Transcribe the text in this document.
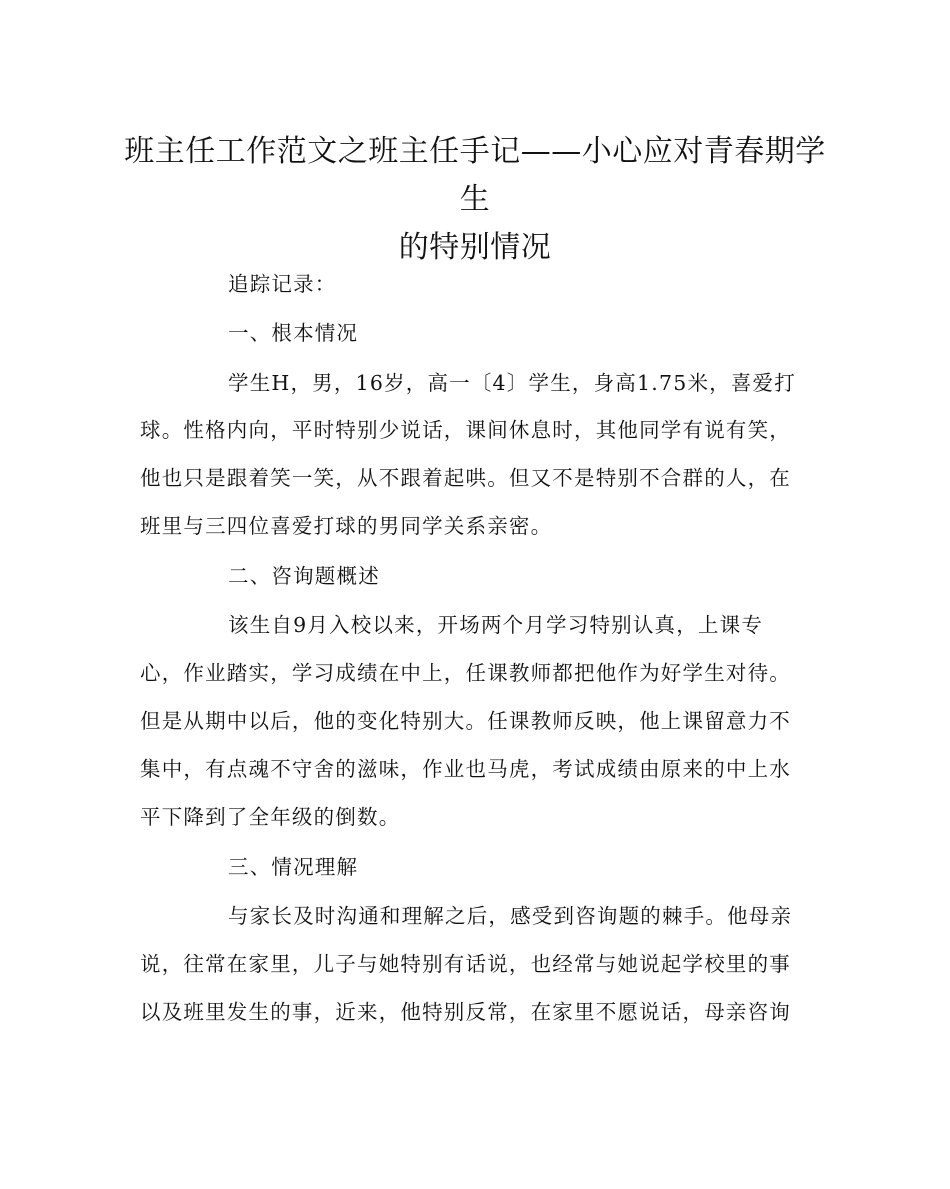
班主任工作范文之班主任手记——小心应对青春期学生
的特别情况
追踪记录：
一、根本情况
学生H，男，16岁，高一〔4〕学生，身高1.75米，喜爱打
球。性格内向，平时特别少说话，课间休息时，其他同学有说有笑，
他也只是跟着笑一笑，从不跟着起哄。但又不是特别不合群的人，在
班里与三四位喜爱打球的男同学关系亲密。
二、咨询题概述
该生自9月入校以来，开场两个月学习特别认真，上课专
心，作业踏实，学习成绩在中上，任课教师都把他作为好学生对待。
但是从期中以后，他的变化特别大。任课教师反映，他上课留意力不
集中，有点魂不守舍的滋味，作业也马虎，考试成绩由原来的中上水
平下降到了全年级的倒数。
三、情况理解
与家长及时沟通和理解之后，感受到咨询题的棘手。他母亲
说，往常在家里，儿子与她特别有话说，也经常与她说起学校里的事
以及班里发生的事，近来，他特别反常，在家里不愿说话，母亲咨询
